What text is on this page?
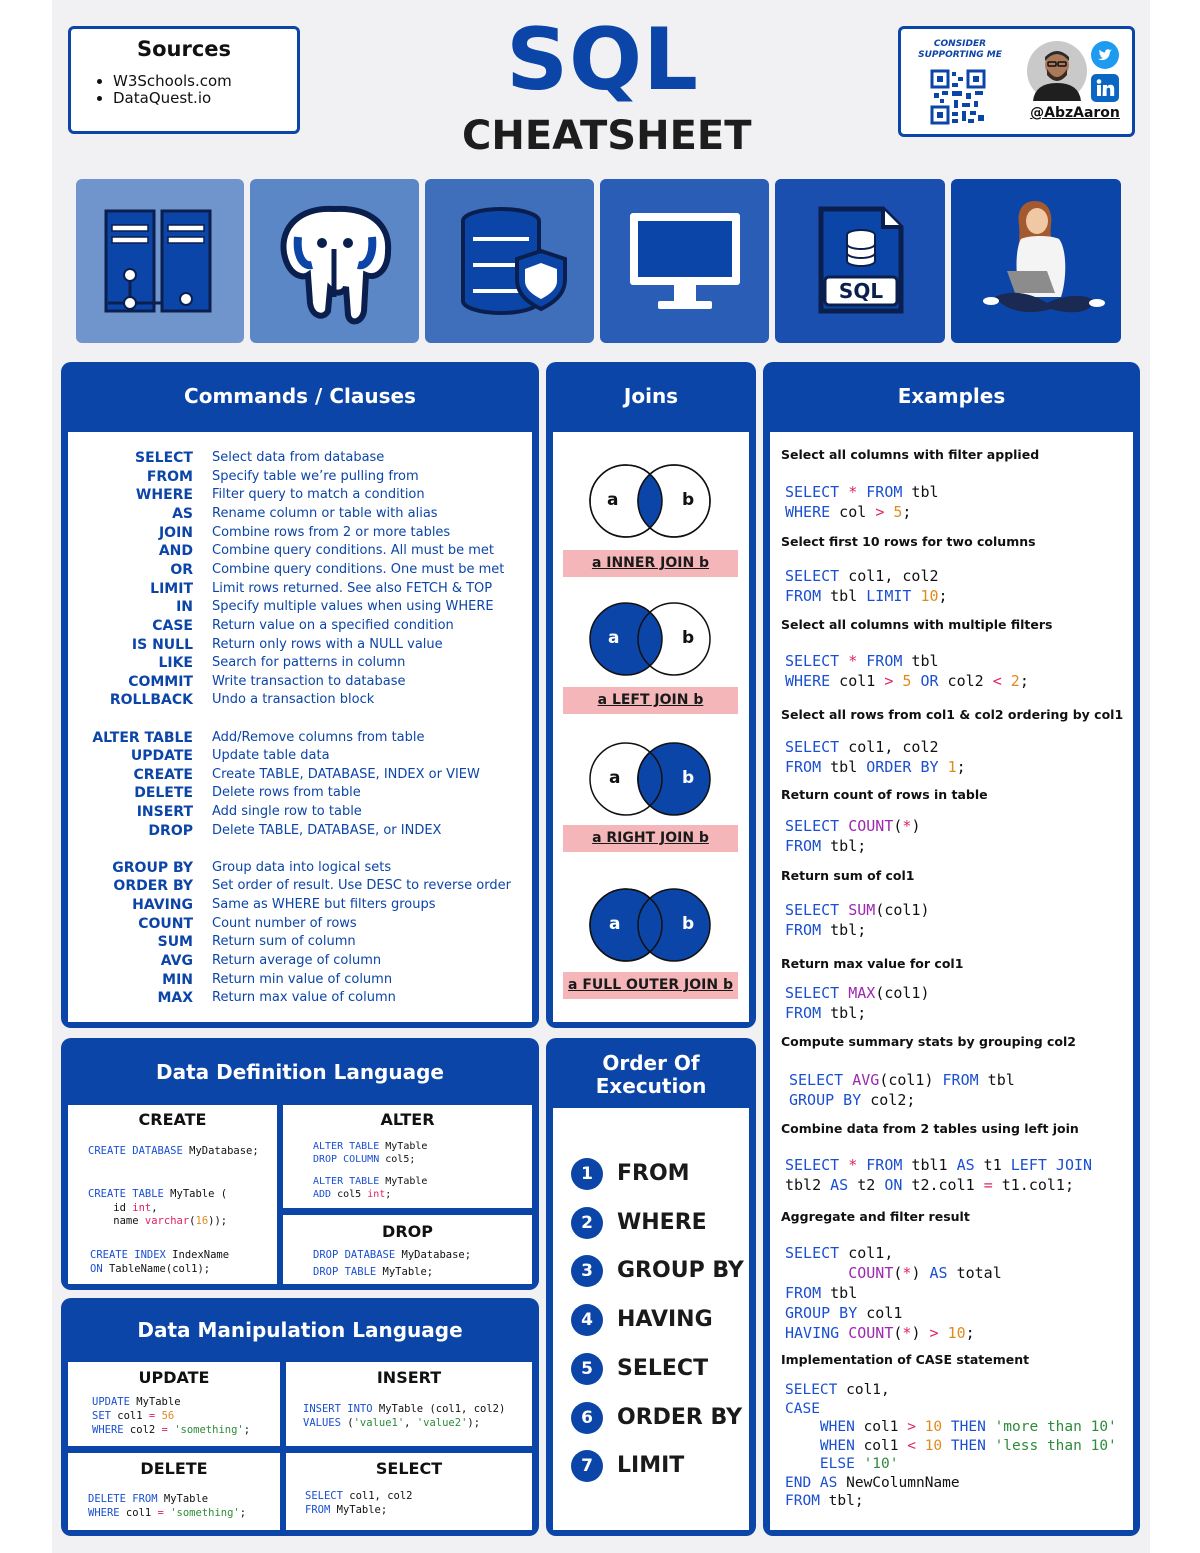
Sources
• W3Schools.com
• DataQuest.io	SQL
CHEATSHEET
CONSIDER
SUPPORTING ME
@AbzAaron
SQL
Commands / Clauses
SELECT Select data from database
FROM Specify table we’re pulling from
WHERE Filter query to match a condition
AS Rename column or table with alias
JOIN Combine rows from 2 or more tables
AND Combine query conditions. All must be met
OR Combine query conditions. One must be met
LIMIT Limit rows returned. See also FETCH & TOP
IN Specify multiple values when using WHERE
CASE Return value on a specified condition
IS NULL Return only rows with a NULL value
LIKE Search for patterns in column
COMMIT Write transaction to database
ROLLBACK Undo a transaction block
ALTER TABLE Add/Remove columns from table
UPDATE Update table data
CREATE Create TABLE, DATABASE, INDEX or VIEW
DELETE Delete rows from table
INSERT Add single row to table
DROP Delete TABLE, DATABASE, or INDEX
GROUP BY Group data into logical sets
ORDER BY Set order of result. Use DESC to reverse order
HAVING Same as WHERE but filters groups
COUNT Count number of rows
SUM Return sum of column
AVG Return average of column
MIN Return min value of column
MAX Return max value of column
Joins
a	b
a INNER JOIN b
a	b
a LEFT JOIN b
a	b
a RIGHT JOIN b
a	b
a FULL OUTER JOIN b
Examples
Select all columns with filter applied
SELECT * FROM tbl
WHERE col > 5;
Select first 10 rows for two columns
SELECT col1, col2
FROM tbl LIMIT 10;
Select all columns with multiple filters
SELECT * FROM tbl
WHERE col1 > 5 OR col2 < 2;
Select all rows from col1 & col2 ordering by col1
SELECT col1, col2
FROM tbl ORDER BY 1;
Return count of rows in table
SELECT COUNT(*)
FROM tbl;
Return sum of col1
SELECT SUM(col1)
FROM tbl;
Return max value for col1
SELECT MAX(col1)
FROM tbl;
Compute summary stats by grouping col2
SELECT AVG(col1) FROM tbl
GROUP BY col2;
Combine data from 2 tables using left join
SELECT * FROM tbl1 AS t1 LEFT JOIN
tbl2 AS t2 ON t2.col1 = t1.col1;
Aggregate and filter result
SELECT col1,
COUNT(*) AS total
FROM tbl
GROUP BY col1
HAVING COUNT(*) > 10;
Implementation of CASE statement
SELECT col1,
CASE
WHEN col1 > 10 THEN 'more than 10'
WHEN col1 < 10 THEN 'less than 10'
ELSE '10'
END AS NewColumnName
FROM tbl;
Data Definition Language
CREATE
CREATE DATABASE MyDatabase;
CREATE TABLE MyTable (
id int,
name varchar(16));
CREATE INDEX IndexName
ON TableName(col1);
ALTER
ALTER TABLE MyTable
DROP COLUMN col5;
ALTER TABLE MyTable
ADD col5 int;
DROP
DROP DATABASE MyDatabase;
DROP TABLE MyTable;
Data Manipulation Language
UPDATE
UPDATE MyTable
SET col1 = 56
WHERE col2 = 'something';
INSERT
INSERT INTO MyTable (col1, col2)
VALUES ('value1', 'value2');
DELETE
DELETE FROM MyTable
WHERE col1 = 'something';
SELECT
SELECT col1, col2
FROM MyTable;
Order Of
Execution
1	FROM
2	WHERE
3	GROUP BY
4	HAVING
5	SELECT
6	ORDER BY
7	LIMIT
